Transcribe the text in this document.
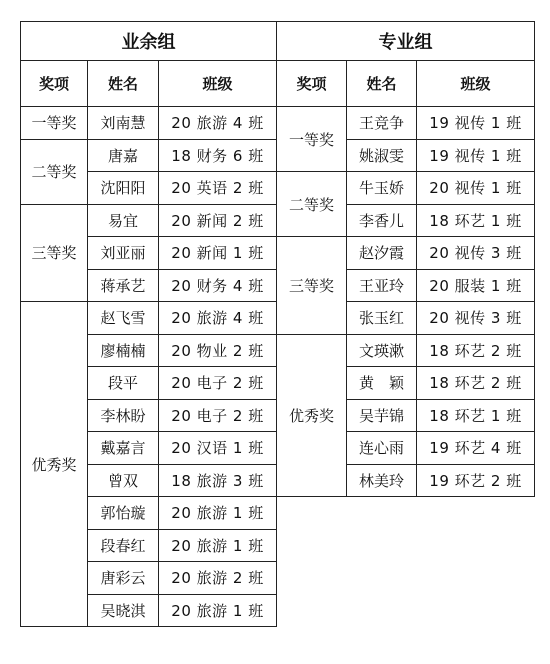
业余组			专业组		
奖项	姓名	班级	奖项	姓名	班级
一等奖	刘南慧	20 旅游 4 班	一等奖	王竞争	19 视传 1 班
二等奖	唐嘉	18 财务 6 班		姚淑雯	19 视传 1 班
	沈阳阳	20 英语 2 班	二等奖	牛玉娇	20 视传 1 班
三等奖	易宜	20 新闻 2 班		李香儿	18 环艺 1 班
	刘亚丽	20 新闻 1 班	三等奖	赵汐霞	20 视传 3 班
	蒋承艺	20 财务 4 班		王亚玲	20 服装 1 班
优秀奖	赵飞雪	20 旅游 4 班		张玉红	20 视传 3 班
	廖楠楠	20 物业 2 班	优秀奖	文瑛漱	18 环艺 2 班
	段平	20 电子 2 班		黄　颖	18 环艺 2 班
	李林盼	20 电子 2 班		吴芋锦	18 环艺 1 班
	戴嘉言	20 汉语 1 班		连心雨	19 环艺 4 班
	曾双	18 旅游 3 班		林美玲	19 环艺 2 班
	郭怡璇	20 旅游 1 班			
	段春红	20 旅游 1 班			
	唐彩云	20 旅游 2 班			
	吴晓淇	20 旅游 1 班			
